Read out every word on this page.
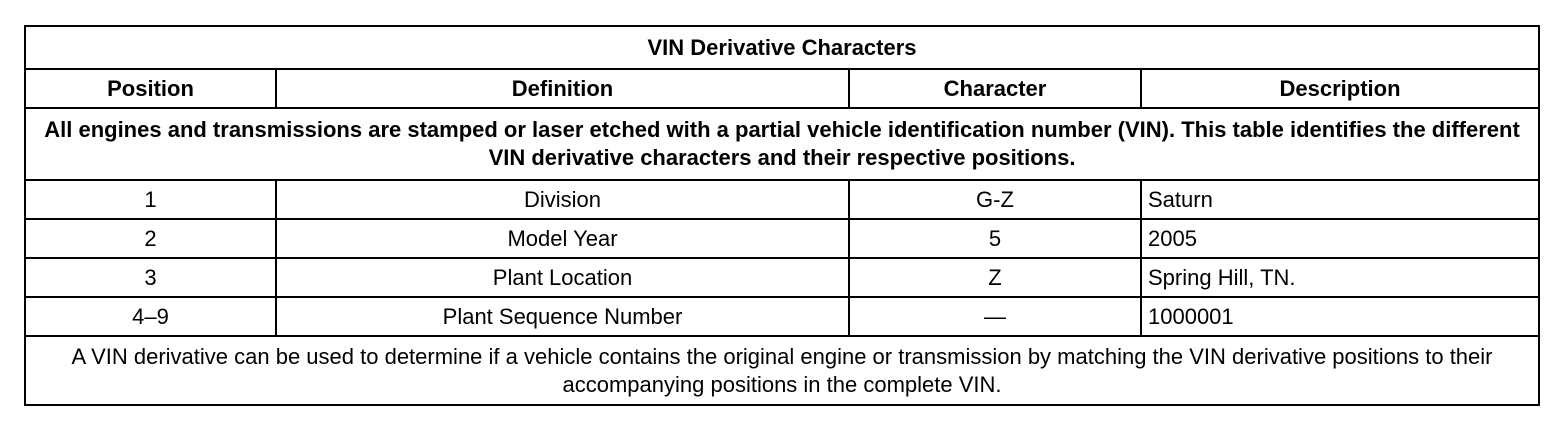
VIN Derivative Characters			
Position	Definition	Character	Description
All engines and transmissions are stamped or laser etched with a partial vehicle identification number (VIN). This table identifies the different VIN derivative characters and their respective positions.			
1	Division	G-Z	Saturn
2	Model Year	5	2005
3	Plant Location	Z	Spring Hill, TN.
4–9	Plant Sequence Number	—	1000001
A VIN derivative can be used to determine if a vehicle contains the original engine or transmission by matching the VIN derivative positions to their accompanying positions in the complete VIN.			
